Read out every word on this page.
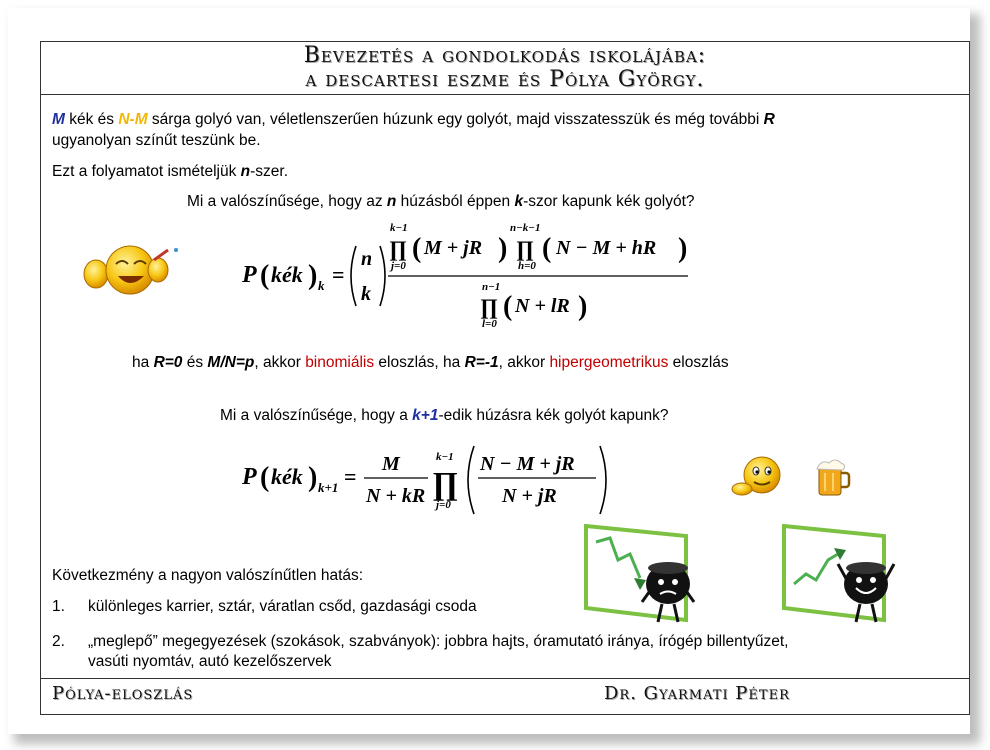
Bevezetés a gondolkodás iskolájába:
a descartesi eszme és Pólya György.
M kék és N-M sárga golyó van, véletlenszerűen húzunk egy golyót, majd visszatesszük és még további R
ugyanolyan színűt teszünk be.
Ezt a folyamatot ismételjük n-szer.
Mi a valószínűsége, hogy az n húzásból éppen k-szor kapunk kék golyót?
P ( kék ) k =
n
k
k−1
∏
j=0
( M + jR )
n−k−1
∏
h=0
( N − M + hR )
n−1
∏
l=0
( N + lR )
ha R=0 és M/N=p, akkor binomiális eloszlás, ha R=-1, akkor hipergeometrikus eloszlás
Mi a valószínűsége, hogy a k+1-edik húzásra kék golyót kapunk?
P ( kék ) k+1 = M
N + kR
k−1
∏
j=0
N − M + jR
N + jR
Következmény a nagyon valószínűtlen hatás:
1. különleges karrier, sztár, váratlan csőd, gazdasági csoda
2. „meglepő” megegyezések (szokások, szabványok): jobbra hajts, óramutató iránya, írógép billentyűzet,
vasúti nyomtáv, autó kezelőszervek
Pólya-eloszlás	Dr. Gyarmati Péter
